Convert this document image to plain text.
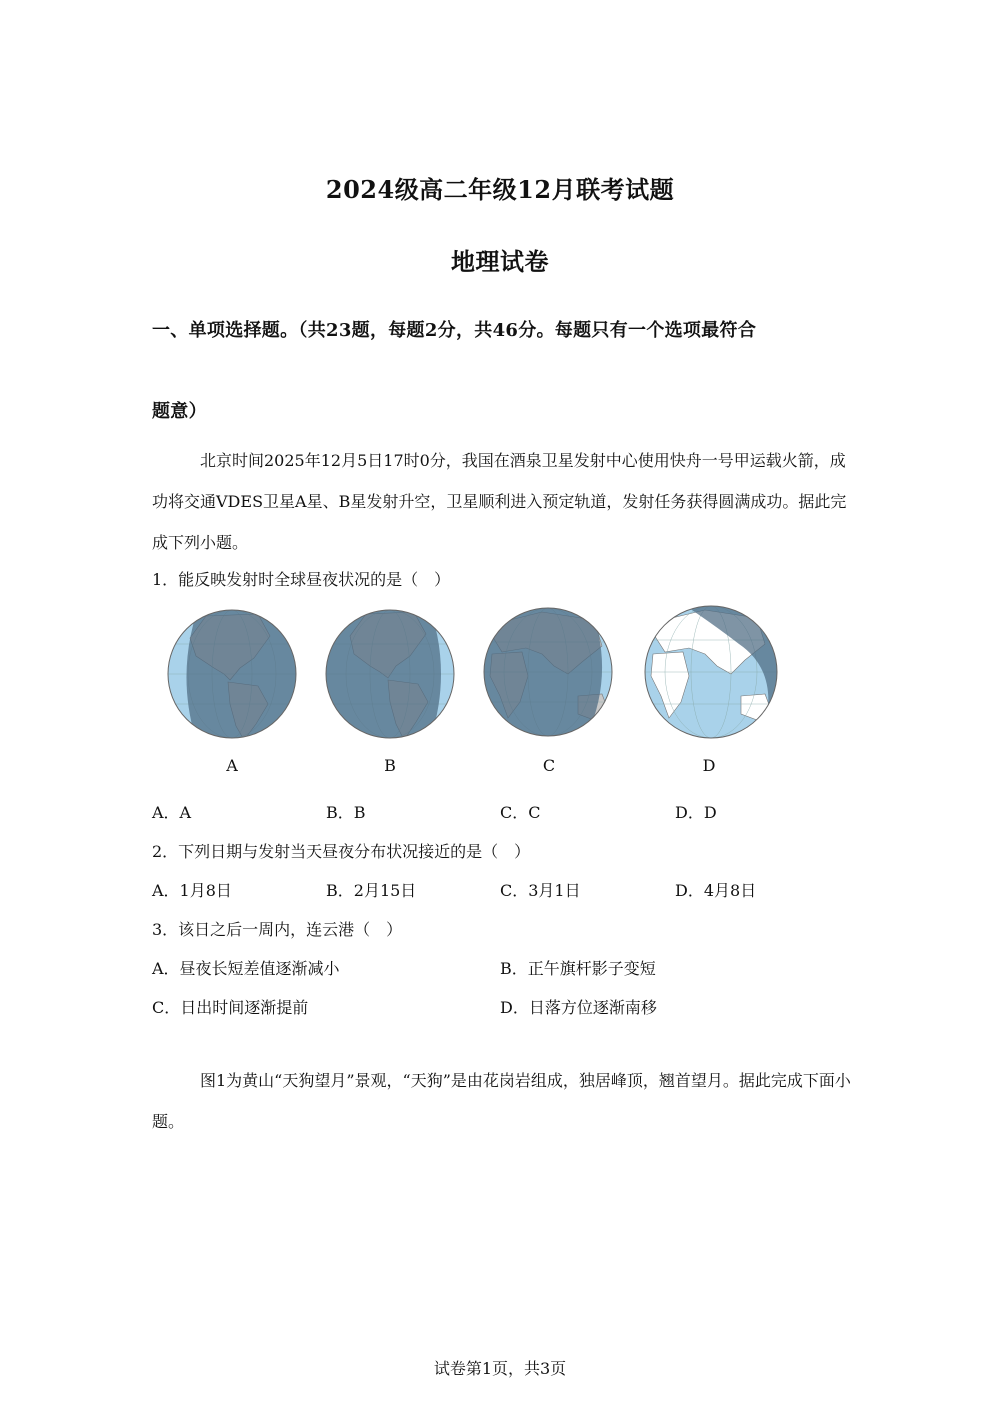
2024级高二年级12月联考试题
地理试卷
一、单项选择题。（共23题，每题2分，共46分。每题只有一个选项最符合
题意）

北京时间2025年12月5日17时0分，我国在酒泉卫星发射中心使用快舟一号甲运载火箭，成功将交通VDES卫星A星、B星发射升空，卫星顺利进入预定轨道，发射任务获得圆满成功。据此完成下列小题。

1．能反映发射时全球昼夜状况的是（　）
A	B	C	D
A．A	B．B	C．C	D．D
2．下列日期与发射当天昼夜分布状况接近的是（　）
A．1月8日	B．2月15日	C．3月1日	D．4月8日
3．该日之后一周内，连云港（　）
A．昼夜长短差值逐渐减小	B．正午旗杆影子变短
C．日出时间逐渐提前	D．日落方位逐渐南移

图1为黄山“天狗望月”景观，“天狗”是由花岗岩组成，独居峰顶，翘首望月。据此完成下面小题。

试卷第1页，共3页
